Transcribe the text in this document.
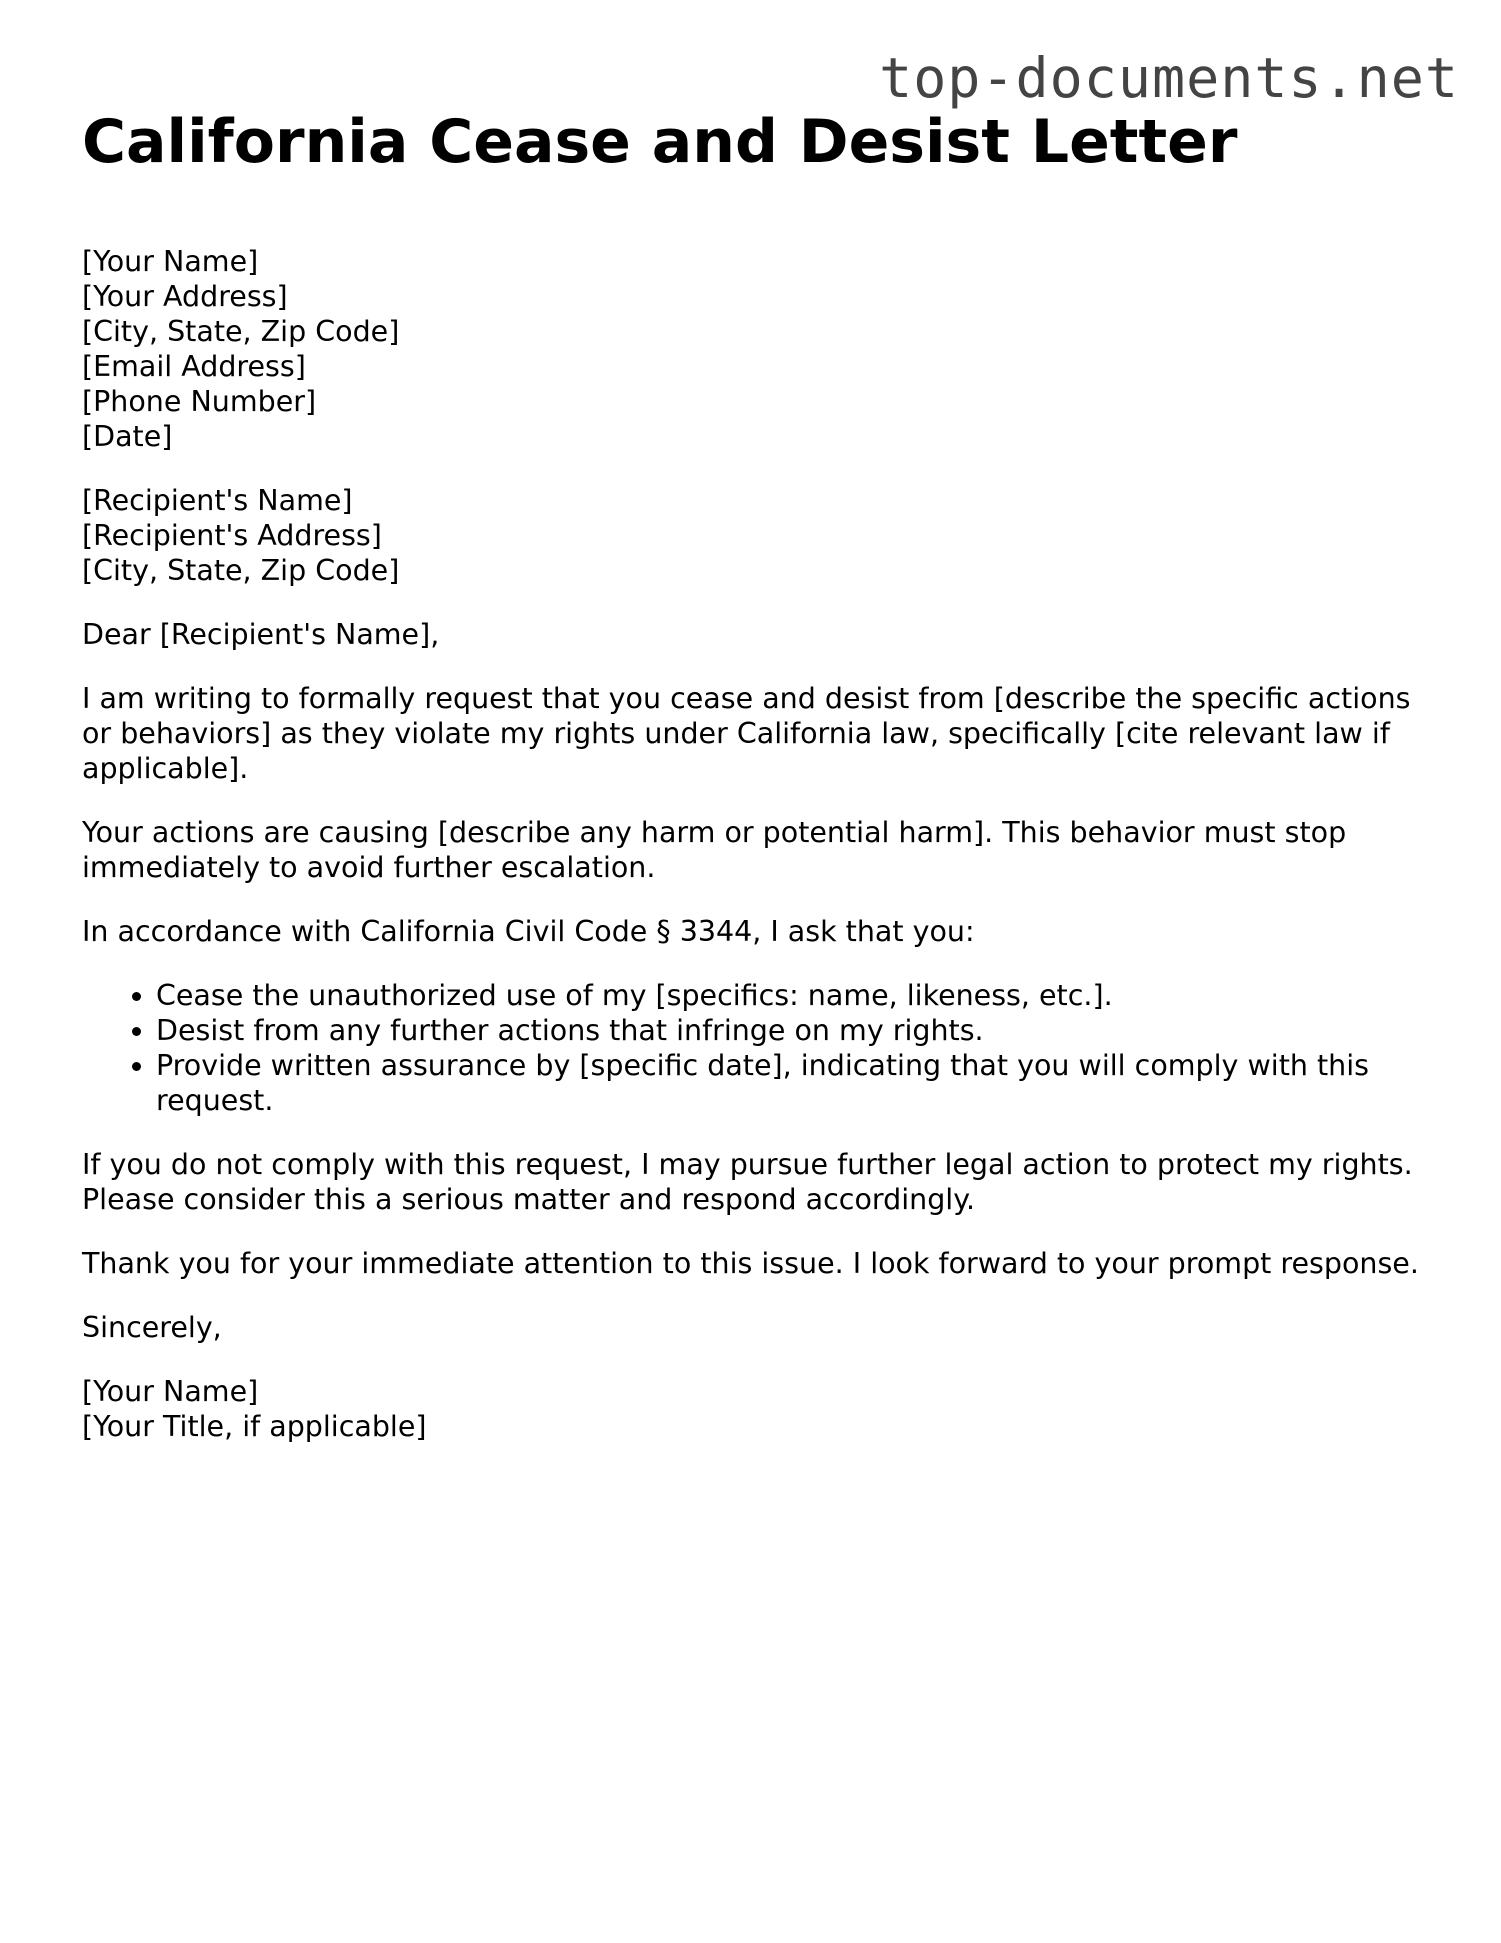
top-documents.net
California Cease and Desist Letter

[Your Name]
[Your Address]
[City, State, Zip Code]
[Email Address]
[Phone Number]
[Date]

[Recipient's Name]
[Recipient's Address]
[City, State, Zip Code]

Dear [Recipient's Name],

I am writing to formally request that you cease and desist from [describe the specific actions or behaviors] as they violate my rights under California law, specifically [cite relevant law if applicable].

Your actions are causing [describe any harm or potential harm]. This behavior must stop immediately to avoid further escalation.

In accordance with California Civil Code § 3344, I ask that you:

• Cease the unauthorized use of my [specifics: name, likeness, etc.].
• Desist from any further actions that infringe on my rights.
• Provide written assurance by [specific date], indicating that you will comply with this request.

If you do not comply with this request, I may pursue further legal action to protect my rights. Please consider this a serious matter and respond accordingly.

Thank you for your immediate attention to this issue. I look forward to your prompt response.

Sincerely,

[Your Name]
[Your Title, if applicable]
